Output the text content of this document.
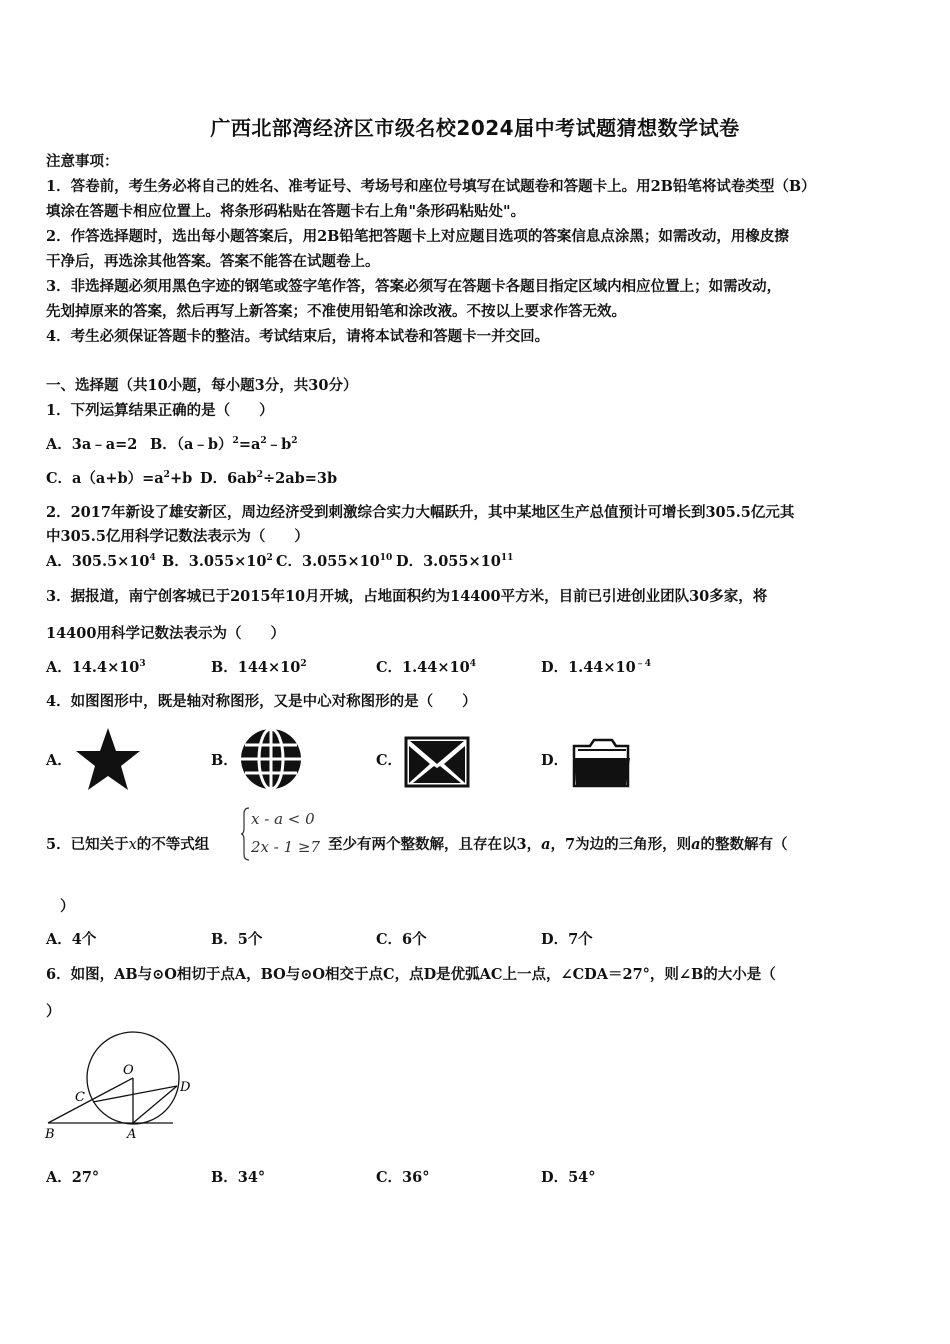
广西北部湾经济区市级名校2024届中考试题猜想数学试卷
注意事项：
1．答卷前，考生务必将自己的姓名、准考证号、考场号和座位号填写在试题卷和答题卡上。用2B铅笔将试卷类型（B）
填涂在答题卡相应位置上。将条形码粘贴在答题卡右上角"条形码粘贴处"。
2．作答选择题时，选出每小题答案后，用2B铅笔把答题卡上对应题目选项的答案信息点涂黑；如需改动，用橡皮擦
干净后，再选涂其他答案。答案不能答在试题卷上。
3．非选择题必须用黑色字迹的钢笔或签字笔作答，答案必须写在答题卡各题目指定区域内相应位置上；如需改动，
先划掉原来的答案，然后再写上新答案；不准使用铅笔和涂改液。不按以上要求作答无效。
4．考生必须保证答题卡的整洁。考试结束后，请将本试卷和答题卡一并交回。
一、选择题（共10小题，每小题3分，共30分）
1．下列运算结果正确的是（　　）
A．3a﹣a=2 B．$(a﹣b)^2=a^2﹣b^2$
C．$a(a+b)=a^2+b$ D．$6ab^2\div 2ab=3b$
2．2017年新设了雄安新区，周边经济受到刺激综合实力大幅跃升，其中某地区生产总值预计可增长到305.5亿元其
中305.5亿用科学记数法表示为（　　）
A．$305.5\times 10^4$ B．$3.055\times 10^2$ C．$3.055\times 10^{10}$ D．$3.055\times 10^{11}$
3．据报道，南宁创客城已于2015年10月开城，占地面积约为14400平方米，目前已引进创业团队30多家，将
14400用科学记数法表示为（　　）
A．$14.4\times 10^3$	B．$144\times 10^2$	C．$1.44\times 10^4$	D．$1.44\times 10^{﹣4}$
4．如图图形中，既是轴对称图形，又是中心对称图形的是（　　）
A．	B．	C．	D．
5．已知关于x的不等式组
x - a < 0
2x - 1 ≥7 至少有两个整数解，且存在以3，a，7为边的三角形，则a的整数解有（
）
A．4个	B．5个	C．6个	D．7个
6．如图，AB与⊙O相切于点A，BO与⊙O相交于点C，点D是优弧AC上一点，∠CDA＝27°，则∠B的大小是（
）
O
C
D
B	A
A．27°	B．34°	C．36°	D．54°
